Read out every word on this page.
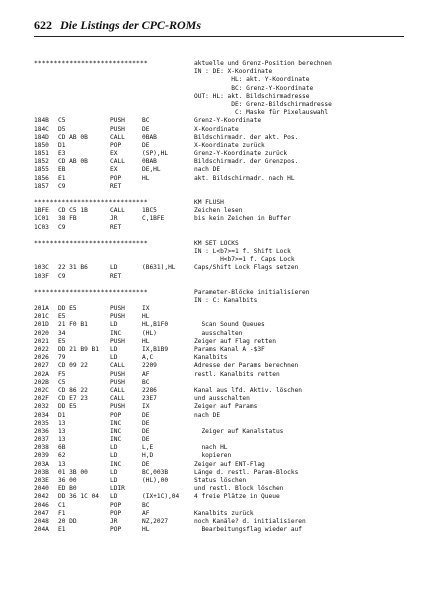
622 Die Listings der CPC-ROMs
*****************************	aktuelle und Grenz-Position berechnen
IN : DE: X-Koordinate
HL: akt. Y-Koordinate
BC: Grenz-Y-Koordinate
OUT: HL: akt. Bildschirmadresse
DE: Grenz-Bildschirmadresse
C: Maske für Pixelauswahl
184B C5	PUSH	BC	Grenz-Y-Koordinate
184C D5	PUSH	DE	X-Koordinate
184D CD AB 0B	CALL	0BAB	Bildschirmadr. der akt. Pos.
1850 D1	POP	DE	X-Koordinate zurück
1851 E3	EX	(SP),HL	Grenz-Y-Koordinate zurück
1852 CD AB 0B	CALL	0BAB	Bildschirmadr. der Grenzpos.
1855 EB	EX	DE,HL	nach DE
1856 E1	POP	HL	akt. Bildschirmadr. nach HL
1857 C9	RET
*****************************	KM FLUSH
1BFE CD C5 1B	CALL	1BC5	Zeichen lesen
1C01 38 FB	JR	C,1BFE	bis kein Zeichen in Buffer
1C03 C9	RET
*****************************	KM SET LOCKS
IN : L<b7>=1 f. Shift Lock
H<b7>=1 f. Caps Lock
103C 22 31 B6	LD	(B631),HL	Caps/Shift Lock Flags setzen
103F C9	RET
*****************************	Parameter-Blöcke initialisieren
IN : C: Kanalbits
201A DD E5	PUSH	IX
201C E5	PUSH	HL
201D 21 F0 B1	LD	HL,B1F0	Scan Sound Queues
2020 34	INC	(HL)	ausschalten
2021 E5	PUSH	HL	Zeiger auf Flag retten
2022 DD 21 B9 B1 LD	IX,B1B9	Params Kanal A -$3F
2026 79	LD	A,C	Kanalbits
2027 CD 09 22	CALL	2209	Adresse der Params berechnen
202A F5	PUSH	AF	restl. Kanalbits retten
202B C5	PUSH	BC
202C CD 86 22	CALL	2286	Kanal aus lfd. Aktiv. löschen
202F CD E7 23	CALL	23E7	und ausschalten
2032 DD E5	PUSH	IX	Zeiger auf Params
2034 D1	POP	DE	nach DE
2035 13	INC	DE
2036 13	INC	DE	Zeiger auf Kanalstatus
2037 13	INC	DE
2038 6B	LD	L,E	nach HL
2039 62	LD	H,D	kopieren
203A 13	INC	DE	Zeiger auf ENT-Flag
203B 01 3B 00	LD	BC,003B	Länge d. restl. Param-Blocks
203E 36 00	LD	(HL),00	Status löschen
2040 ED B0	LDIR	und restl. Block löschen
2042 DD 36 1C 04 LD	(IX+1C),04 4 freie Plätze in Queue
2046 C1	POP	BC
2047 F1	POP	AF	Kanalbits zurück
2048 20 DD	JR	NZ,2027	noch Kanäle? d. initialisieren
204A E1	POP	HL	Bearbeitungsflag wieder auf
